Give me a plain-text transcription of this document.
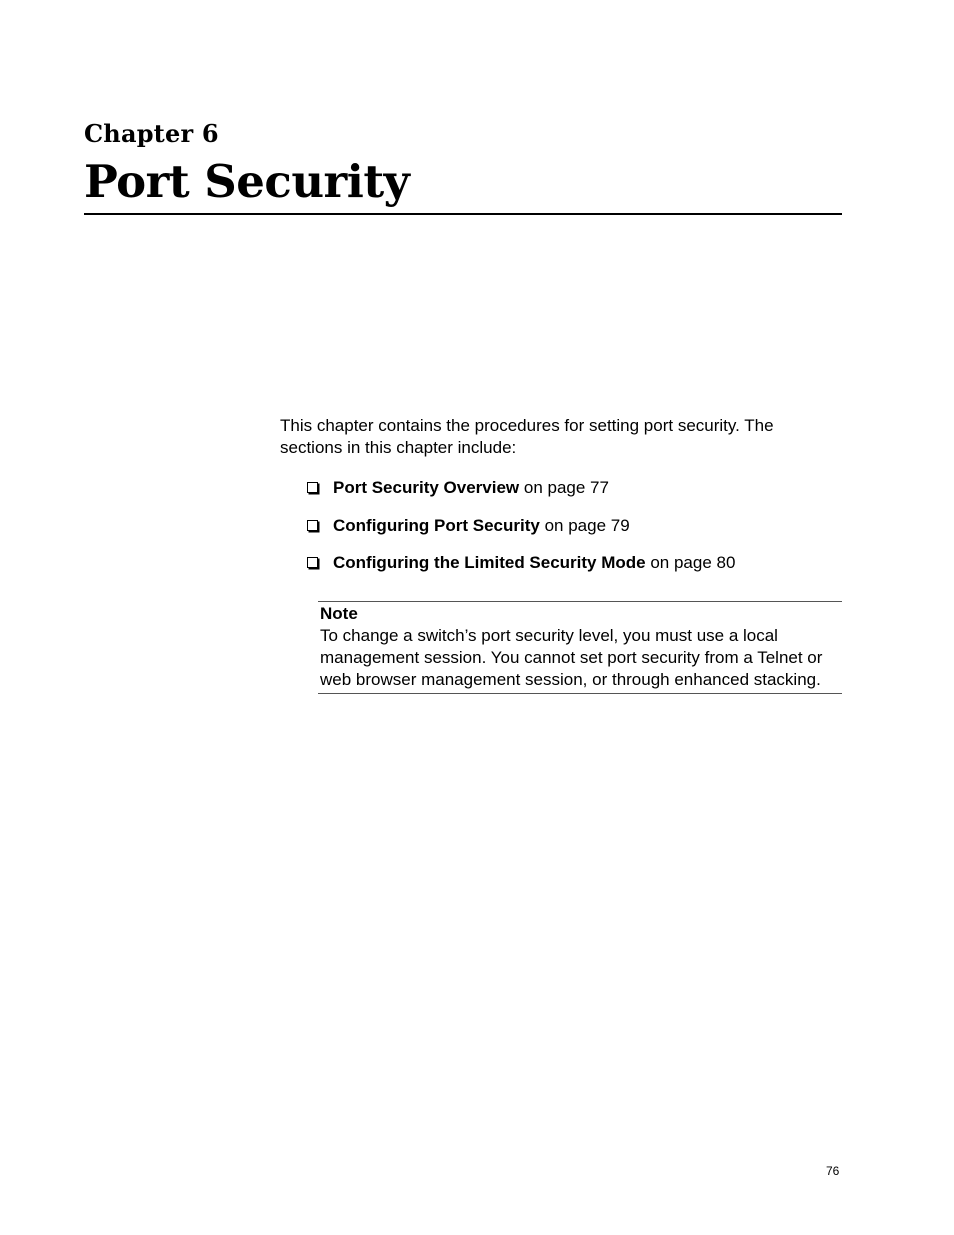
Chapter 6
Port Security

This chapter contains the procedures for setting port security. The sections in this chapter include:

Port Security Overview on page 77
Configuring Port Security on page 79
Configuring the Limited Security Mode on page 80

Note

To change a switch’s port security level, you must use a local management session. You cannot set port security from a Telnet or web browser management session, or through enhanced stacking.

76
